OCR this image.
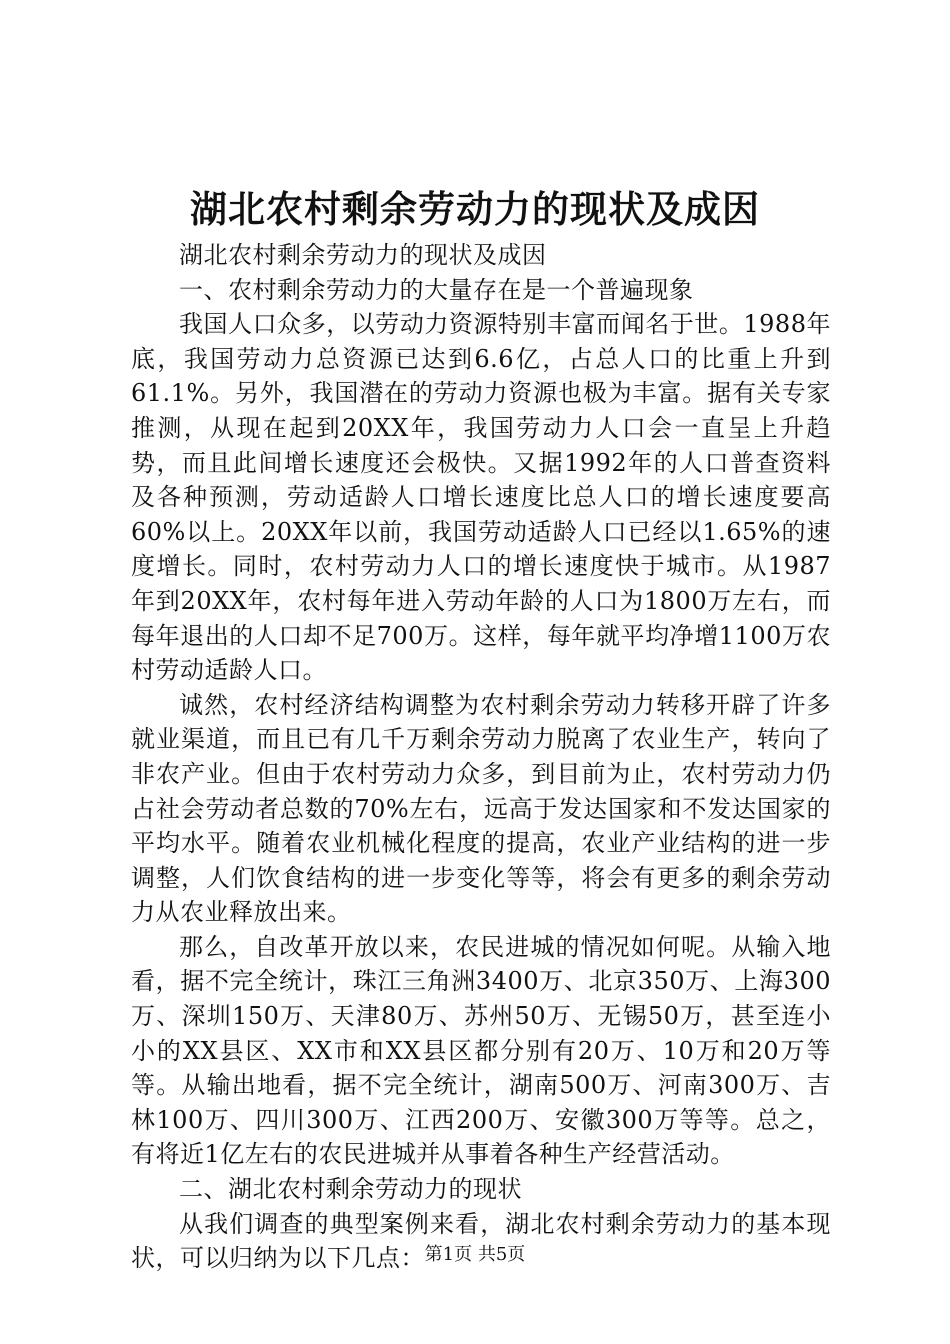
湖北农村剩余劳动力的现状及成因

湖北农村剩余劳动力的现状及成因

一、农村剩余劳动力的大量存在是一个普遍现象

我国人口众多，以劳动力资源特别丰富而闻名于世。1988年底，我国劳动力总资源已达到6.6亿，占总人口的比重上升到61.1%。另外，我国潜在的劳动力资源也极为丰富。据有关专家推测，从现在起到20XX年，我国劳动力人口会一直呈上升趋势，而且此间增长速度还会极快。又据1992年的人口普查资料及各种预测，劳动适龄人口增长速度比总人口的增长速度要高60%以上。20XX年以前，我国劳动适龄人口已经以1.65%的速度增长。同时，农村劳动力人口的增长速度快于城市。从1987年到20XX年，农村每年进入劳动年龄的人口为1800万左右，而每年退出的人口却不足700万。这样，每年就平均净增1100万农村劳动适龄人口。

诚然，农村经济结构调整为农村剩余劳动力转移开辟了许多就业渠道，而且已有几千万剩余劳动力脱离了农业生产，转向了非农产业。但由于农村劳动力众多，到目前为止，农村劳动力仍占社会劳动者总数的70%左右，远高于发达国家和不发达国家的平均水平。随着农业机械化程度的提高，农业产业结构的进一步调整，人们饮食结构的进一步变化等等，将会有更多的剩余劳动力从农业释放出来。

那么，自改革开放以来，农民进城的情况如何呢。从输入地看，据不完全统计，珠江三角洲3400万、北京350万、上海300万、深圳150万、天津80万、苏州50万、无锡50万，甚至连小小的XX县区、XX市和XX县区都分别有20万、10万和20万等等。从输出地看，据不完全统计，湖南500万、河南300万、吉林100万、四川300万、江西200万、安徽300万等等。总之，有将近1亿左右的农民进城并从事着各种生产经营活动。

二、湖北农村剩余劳动力的现状

从我们调查的典型案例来看，湖北农村剩余劳动力的基本现状，可以归纳为以下几点： 第1页 共5页
